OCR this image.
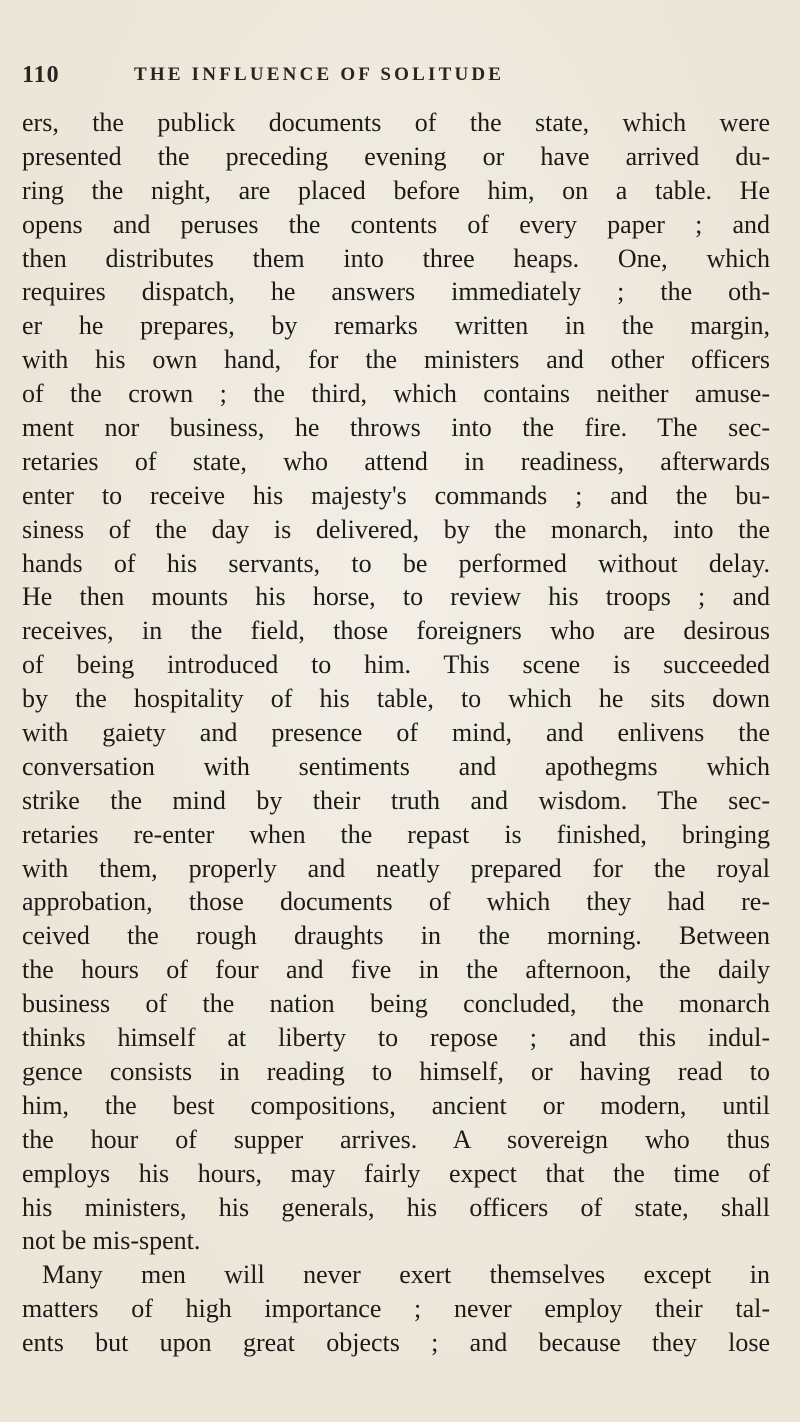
110	THE INFLUENCE OF SOLITUDE
ers, the publick documents of the state, which were
presented the preceding evening or have arrived du-
ring the night, are placed before him, on a table. He
opens and peruses the contents of every paper ; and
then distributes them into three heaps. One, which
requires dispatch, he answers immediately ; the oth-
er he prepares, by remarks written in the margin,
with his own hand, for the ministers and other officers
of the crown ; the third, which contains neither amuse-
ment nor business, he throws into the fire. The sec-
retaries of state, who attend in readiness, afterwards
enter to receive his majesty's commands ; and the bu-
siness of the day is delivered, by the monarch, into the
hands of his servants, to be performed without delay.
He then mounts his horse, to review his troops ; and
receives, in the field, those foreigners who are desirous
of being introduced to him. This scene is succeeded
by the hospitality of his table, to which he sits down
with gaiety and presence of mind, and enlivens the
conversation with sentiments and apothegms which
strike the mind by their truth and wisdom. The sec-
retaries re-enter when the repast is finished, bringing
with them, properly and neatly prepared for the royal
approbation, those documents of which they had re-
ceived the rough draughts in the morning. Between
the hours of four and five in the afternoon, the daily
business of the nation being concluded, the monarch
thinks himself at liberty to repose ; and this indul-
gence consists in reading to himself, or having read to
him, the best compositions, ancient or modern, until
the hour of supper arrives. A sovereign who thus
employs his hours, may fairly expect that the time of
his ministers, his generals, his officers of state, shall
not be mis-spent.
Many men will never exert themselves except in
matters of high importance ; never employ their tal-
ents but upon great objects ; and because they lose
